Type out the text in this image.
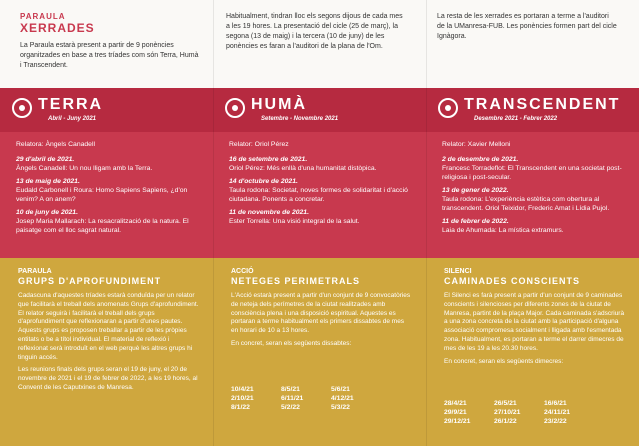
PARAULA
XERRADES
La Paraula estarà present a partir de 9 ponències organitzades en base a tres tríades com són Terra, Humà i Transcendent.
Habitualment, tindran lloc els segons dijous de cada mes a les 19 hores. La presentació del cicle (25 de març), la segona (13 de maig) i la tercera (10 de juny) de les ponències es faran a l'auditori de la plana de l'Om.
La resta de les xerrades es portaran a terme a l'auditori de la UManresa-FUB. Les ponències formen part del cicle Ignàgora.
TERRA
Abril - Juny 2021
Relatora: Àngels Canadell
29 d'abril de 2021.
Àngels Canadell: Un nou lligam amb la Terra.
13 de maig de 2021.
Eudald Carbonell i Roura: Homo Sapiens Sapiens, ¿d'on venim? A on anem?
10 de juny de 2021.
Josep Maria Mallarach: La resacralització de la natura. El paisatge com el lloc sagrat natural.
HUMÀ
Setembre - Novembre 2021
Relator: Oriol Pérez
16 de setembre de 2021.
Oriol Pérez: Més enllà d'una humanitat distòpica.
14 d'octubre de 2021.
Taula rodona: Societat, noves formes de solidaritat i d'acció ciutadana. Ponents a concretar.
11 de novembre de 2021.
Ester Torrella: Una visió integral de la salut.
TRANSCENDENT
Desembre 2021 - Febrer 2022
Relator: Xavier Melloni
2 de desembre de 2021.
Francesc Torradeflot: El Transcendent en una societat post-religiosa i post-secular.
13 de gener de 2022.
Taula rodona: L'experiència estètica com obertura al transcendent. Oriol Teixidor, Frederic Amat i Lídia Pujol.
11 de febrer de 2022.
Laia de Ahumada: La mística extramurs.
PARAULA
GRUPS D'APROFUNDIMENT

Cadascuna d'aquestes tríades estarà conduïda per un relator que facilitarà el treball dels anomenats Grups d'aprofundiment. El relator seguirà i facilitarà el treball dels grups d'aprofundiment que reflexionaran a partir d'unes pautes. Aquests grups es proposen treballar a partir de les pròpies entitats o be a títol individual. El material de reflexió i reflexionat serà introduït en el web perquè les altres grups hi tinguin accés.

Les reunions finals dels grups seran el 19 de juny, el 20 de novembre de 2021 i el 19 de febrer de 2022, a les 19 hores, al Convent de les Caputxines de Manresa.

ACCIÓ
NETEGES PERIMETRALS

L'Acció estarà present a partir d'un conjunt de 9 convocatòries de neteja dels perímetres de la ciutat realitzades amb consciència plena i una disposició espiritual. Aquestes es portaran a terme habitualment els primers dissabtes de mes en horari de 10 a 13 hores.

En concret, seran els següents dissabtes:

10/4/21	8/5/21	5/6/21
2/10/21	6/11/21	4/12/21
8/1/22	5/2/22	5/3/22
SILENCI
CAMINADES CONSCIENTS

El Silenci es farà present a partir d'un conjunt de 9 caminades conscients i silencioses per diferents zones de la ciutat de Manresa, partint de la plaça Major. Cada caminada s'adscriurà a una zona concreta de la ciutat amb la participació d'alguna associació compromesa socialment i lligada amb l'esmentada zona. Habitualment, es portaran a terme el darrer dimecres de mes de les 19 a les 20.30 hores.

En concret, seran els següents dimecres:

28/4/21	26/5/21	16/6/21
29/9/21	27/10/21	24/11/21
29/12/21	26/1/22	23/2/22
